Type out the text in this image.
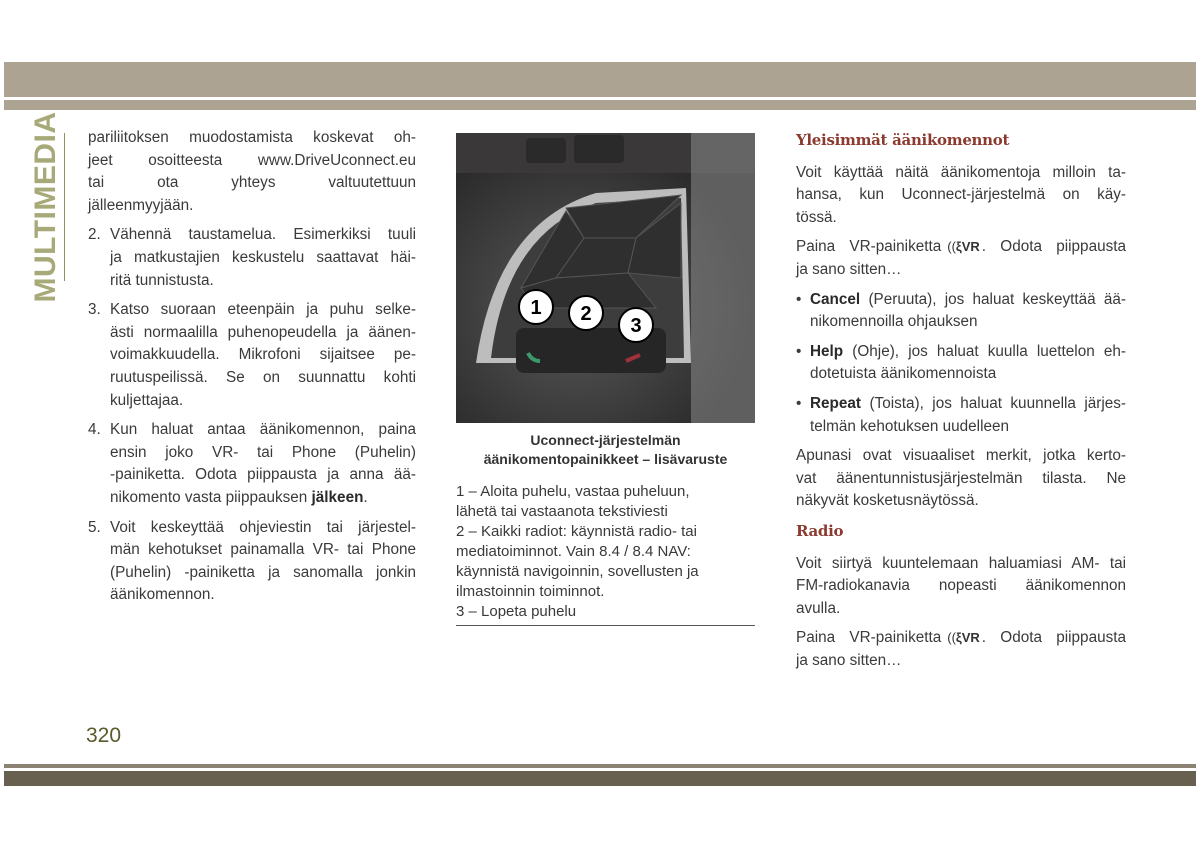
MULTIMEDIA pariliitoksen muodostamista koskevat oh-
jeet osoitteesta www.DriveUconnect.eu
tai ota yhteys valtuutettuun
jälleenmyyjään.
2. Vähennä taustamelua. Esimerkiksi tuuli
ja matkustajien keskustelu saattavat häi-
ritä tunnistusta.
3. Katso suoraan eteenpäin ja puhu selke-
ästi normaalilla puhenopeudella ja äänen-
voimakkuudella. Mikrofoni sijaitsee pe-
ruutuspeilissä. Se on suunnattu kohti
kuljettajaa.
4. Kun haluat antaa äänikomennon, paina
ensin joko VR- tai Phone (Puhelin)
-painiketta. Odota piippausta ja anna ää-
nikomento vasta piippauksen jälkeen.
5. Voit keskeyttää ohjeviestin tai järjestel-
män kehotukset painamalla VR- tai Phone
(Puhelin) -painiketta ja sanomalla jonkin
äänikomennon.
1 2
3
Uconnect-järjestelmän
äänikomentopainikkeet – lisävaruste
1 – Aloita puhelu, vastaa puheluun,
lähetä tai vastaanota tekstiviesti
2 – Kaikki radiot: käynnistä radio- tai
mediatoiminnot. Vain 8.4 / 8.4 NAV:
käynnistä navigoinnin, sovellusten ja
ilmastoinnin toiminnot.
3 – Lopeta puhelu
Yleisimmät äänikomennot
Voit käyttää näitä äänikomentoja milloin ta-
hansa, kun Uconnect-järjestelmä on käy-
tössä.
Paina VR-painiketta ((ξVR . Odota piippausta
ja sano sitten…
• Cancel (Peruuta), jos haluat keskeyttää ää-
nikomennoilla ohjauksen
• Help (Ohje), jos haluat kuulla luettelon eh-
dotetuista äänikomennoista
• Repeat (Toista), jos haluat kuunnella järjes-
telmän kehotuksen uudelleen
Apunasi ovat visuaaliset merkit, jotka kerto-
vat äänentunnistusjärjestelmän tilasta. Ne
näkyvät kosketusnäytössä.
Radio
Voit siirtyä kuuntelemaan haluamiasi AM- tai
FM-radiokanavia nopeasti äänikomennon
avulla.
Paina VR-painiketta ((ξVR . Odota piippausta
ja sano sitten…
320
